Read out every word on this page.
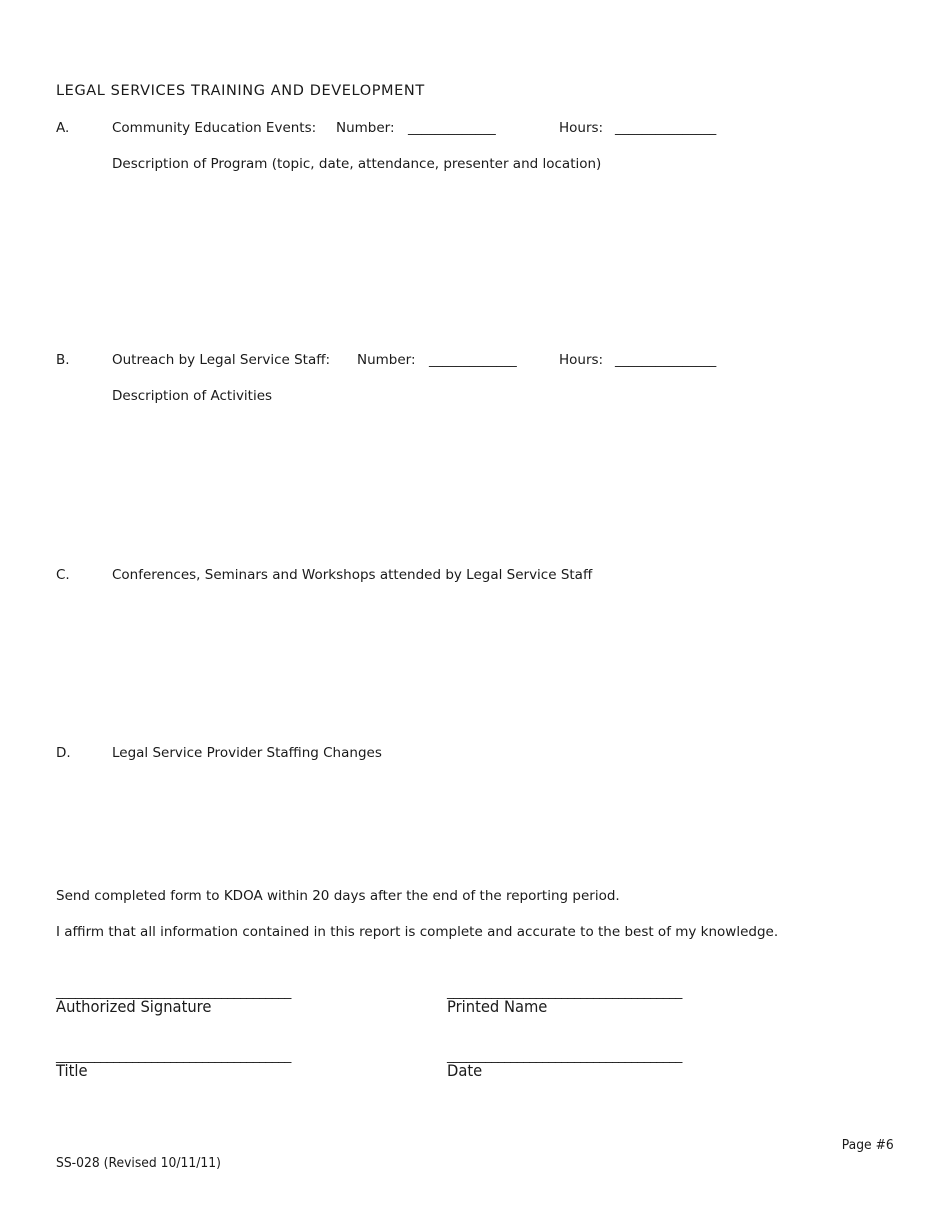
LEGAL SERVICES TRAINING AND DEVELOPMENT
A.	Community Education Events: Number: _____________	Hours: _______________
Description of Program (topic, date, attendance, presenter and location)
B.	Outreach by Legal Service Staff: Number: _____________	Hours: _______________
Description of Activities
C.	Conferences, Seminars and Workshops attended by Legal Service Staff
D.	Legal Service Provider Staffing Changes
Send completed form to KDOA within 20 days after the end of the reporting period.
I affirm that all information contained in this report is complete and accurate to the best of my knowledge.
_____________________________________
Authorized Signature
_____________________________________
Printed Name
_____________________________________
Title
_____________________________________
Date
Page #6
SS-028 (Revised 10/11/11)
